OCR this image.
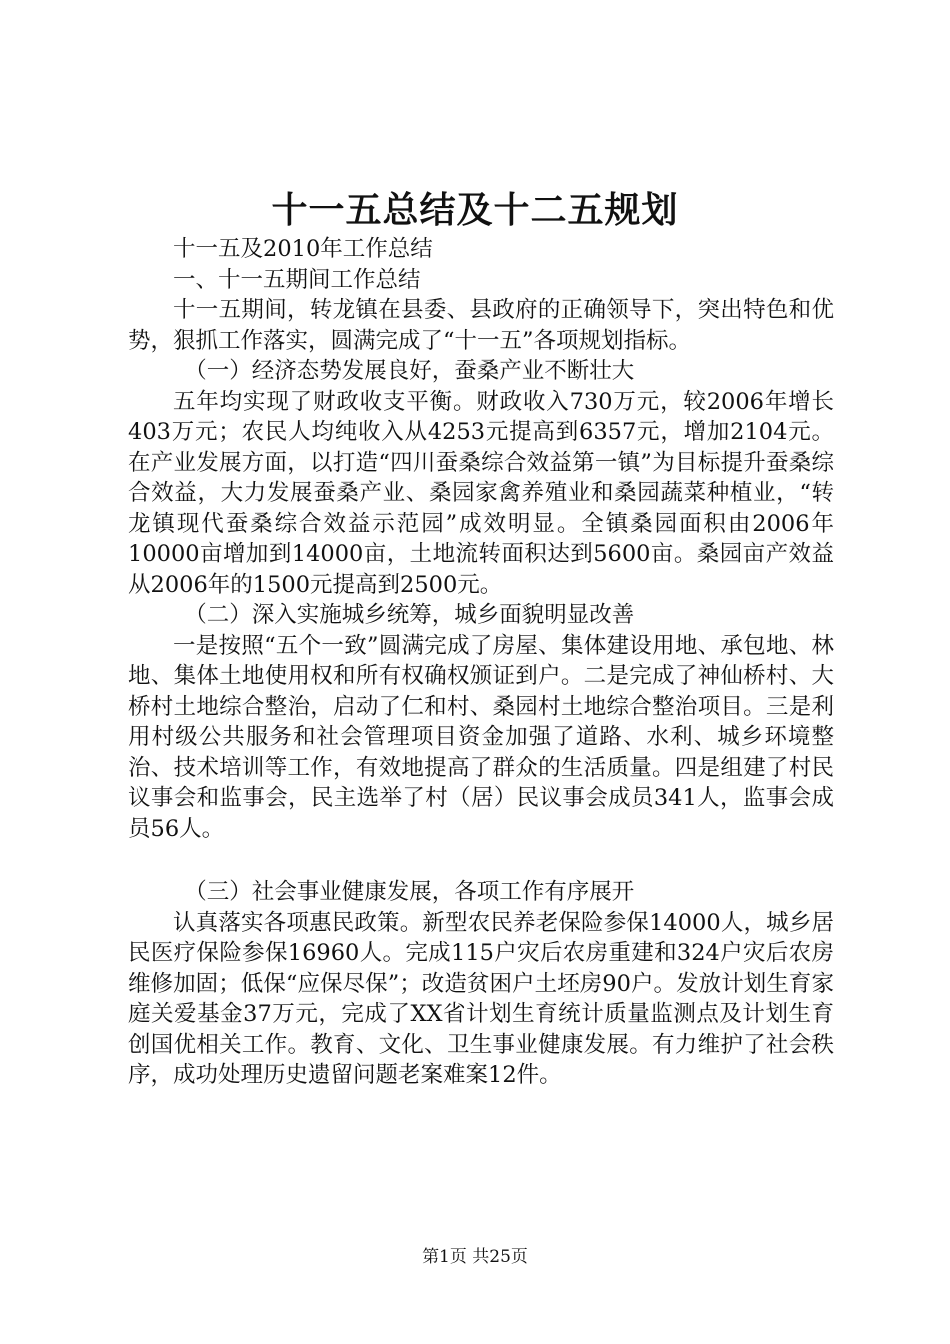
十一五总结及十二五规划

十一五及2010年工作总结

一、十一五期间工作总结

十一五期间，转龙镇在县委、县政府的正确领导下，突出特色和优势，狠抓工作落实，圆满完成了“十一五”各项规划指标。

（一）经济态势发展良好，蚕桑产业不断壮大

五年均实现了财政收支平衡。财政收入730万元，较2006年增长403万元；农民人均纯收入从4253元提高到6357元，增加2104元。在产业发展方面，以打造“四川蚕桑综合效益第一镇”为目标提升蚕桑综合效益，大力发展蚕桑产业、桑园家禽养殖业和桑园蔬菜种植业，“转龙镇现代蚕桑综合效益示范园”成效明显。全镇桑园面积由2006年10000亩增加到14000亩，土地流转面积达到5600亩。桑园亩产效益从2006年的1500元提高到2500元。

（二）深入实施城乡统筹，城乡面貌明显改善

一是按照“五个一致”圆满完成了房屋、集体建设用地、承包地、林地、集体土地使用权和所有权确权颁证到户。二是完成了神仙桥村、大桥村土地综合整治，启动了仁和村、桑园村土地综合整治项目。三是利用村级公共服务和社会管理项目资金加强了道路、水利、城乡环境整治、技术培训等工作，有效地提高了群众的生活质量。四是组建了村民议事会和监事会，民主选举了村（居）民议事会成员341人，监事会成员56人。

（三）社会事业健康发展，各项工作有序展开

认真落实各项惠民政策。新型农民养老保险参保14000人，城乡居民医疗保险参保16960人。完成115户灾后农房重建和324户灾后农房维修加固；低保“应保尽保”；改造贫困户土坯房90户。发放计划生育家庭关爱基金37万元，完成了XX省计划生育统计质量监测点及计划生育创国优相关工作。教育、文化、卫生事业健康发展。有力维护了社会秩序，成功处理历史遗留问题老案难案12件。

第1页 共25页
